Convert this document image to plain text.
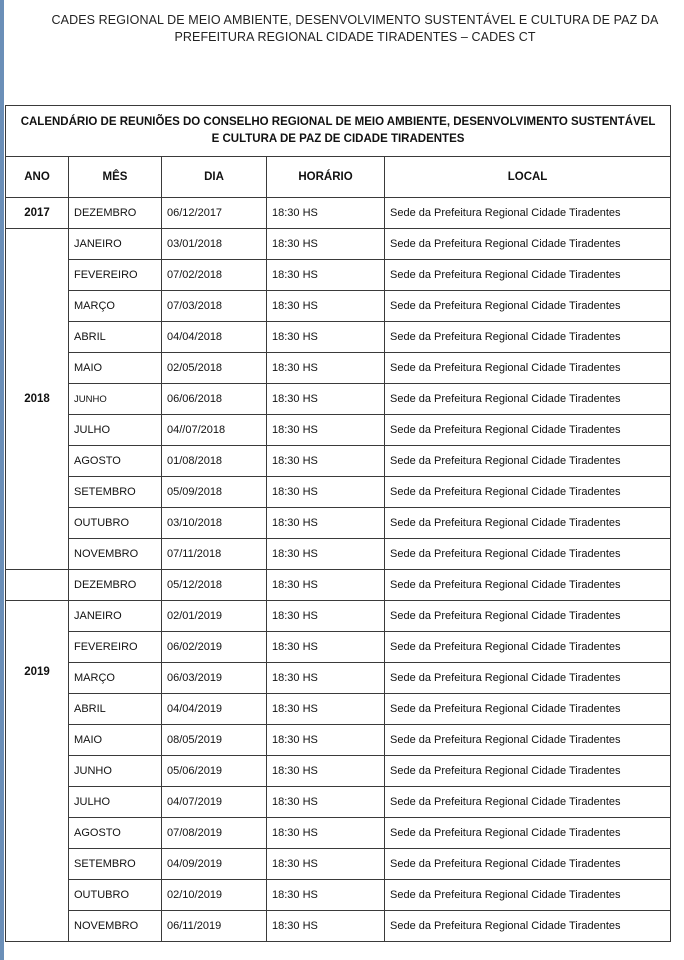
CADES REGIONAL DE MEIO AMBIENTE, DESENVOLVIMENTO SUSTENTÁVEL E CULTURA DE PAZ DA
PREFEITURA REGIONAL CIDADE TIRADENTES – CADES CT
CALENDÁRIO DE REUNIÕES DO CONSELHO REGIONAL DE MEIO AMBIENTE, DESENVOLVIMENTO SUSTENTÁVEL
E CULTURA DE PAZ DE CIDADE TIRADENTES				

ANO	MÊS	DIA	HORÁRIO	LOCAL
2017	DEZEMBRO	06/12/2017	18:30 HS	Sede da Prefeitura Regional Cidade Tiradentes
2018	JANEIRO	03/01/2018	18:30 HS	Sede da Prefeitura Regional Cidade Tiradentes
	FEVEREIRO	07/02/2018	18:30 HS	Sede da Prefeitura Regional Cidade Tiradentes
	MARÇO	07/03/2018	18:30 HS	Sede da Prefeitura Regional Cidade Tiradentes
	ABRIL	04/04/2018	18:30 HS	Sede da Prefeitura Regional Cidade Tiradentes
	MAIO	02/05/2018	18:30 HS	Sede da Prefeitura Regional Cidade Tiradentes
	JUNHO	06/06/2018	18:30 HS	Sede da Prefeitura Regional Cidade Tiradentes
	JULHO	04//07/2018	18:30 HS	Sede da Prefeitura Regional Cidade Tiradentes
	AGOSTO	01/08/2018	18:30 HS	Sede da Prefeitura Regional Cidade Tiradentes
	SETEMBRO	05/09/2018	18:30 HS	Sede da Prefeitura Regional Cidade Tiradentes
	OUTUBRO	03/10/2018	18:30 HS	Sede da Prefeitura Regional Cidade Tiradentes
	NOVEMBRO	07/11/2018	18:30 HS	Sede da Prefeitura Regional Cidade Tiradentes
	DEZEMBRO	05/12/2018	18:30 HS	Sede da Prefeitura Regional Cidade Tiradentes
2019	JANEIRO	02/01/2019	18:30 HS	Sede da Prefeitura Regional Cidade Tiradentes
	FEVEREIRO	06/02/2019	18:30 HS	Sede da Prefeitura Regional Cidade Tiradentes
	MARÇO	06/03/2019	18:30 HS	Sede da Prefeitura Regional Cidade Tiradentes
	ABRIL	04/04/2019	18:30 HS	Sede da Prefeitura Regional Cidade Tiradentes
	MAIO	08/05/2019	18:30 HS	Sede da Prefeitura Regional Cidade Tiradentes
	JUNHO	05/06/2019	18:30 HS	Sede da Prefeitura Regional Cidade Tiradentes
	JULHO	04/07/2019	18:30 HS	Sede da Prefeitura Regional Cidade Tiradentes
	AGOSTO	07/08/2019	18:30 HS	Sede da Prefeitura Regional Cidade Tiradentes
	SETEMBRO	04/09/2019	18:30 HS	Sede da Prefeitura Regional Cidade Tiradentes
	OUTUBRO	02/10/2019	18:30 HS	Sede da Prefeitura Regional Cidade Tiradentes
	NOVEMBRO	06/11/2019	18:30 HS	Sede da Prefeitura Regional Cidade Tiradentes
